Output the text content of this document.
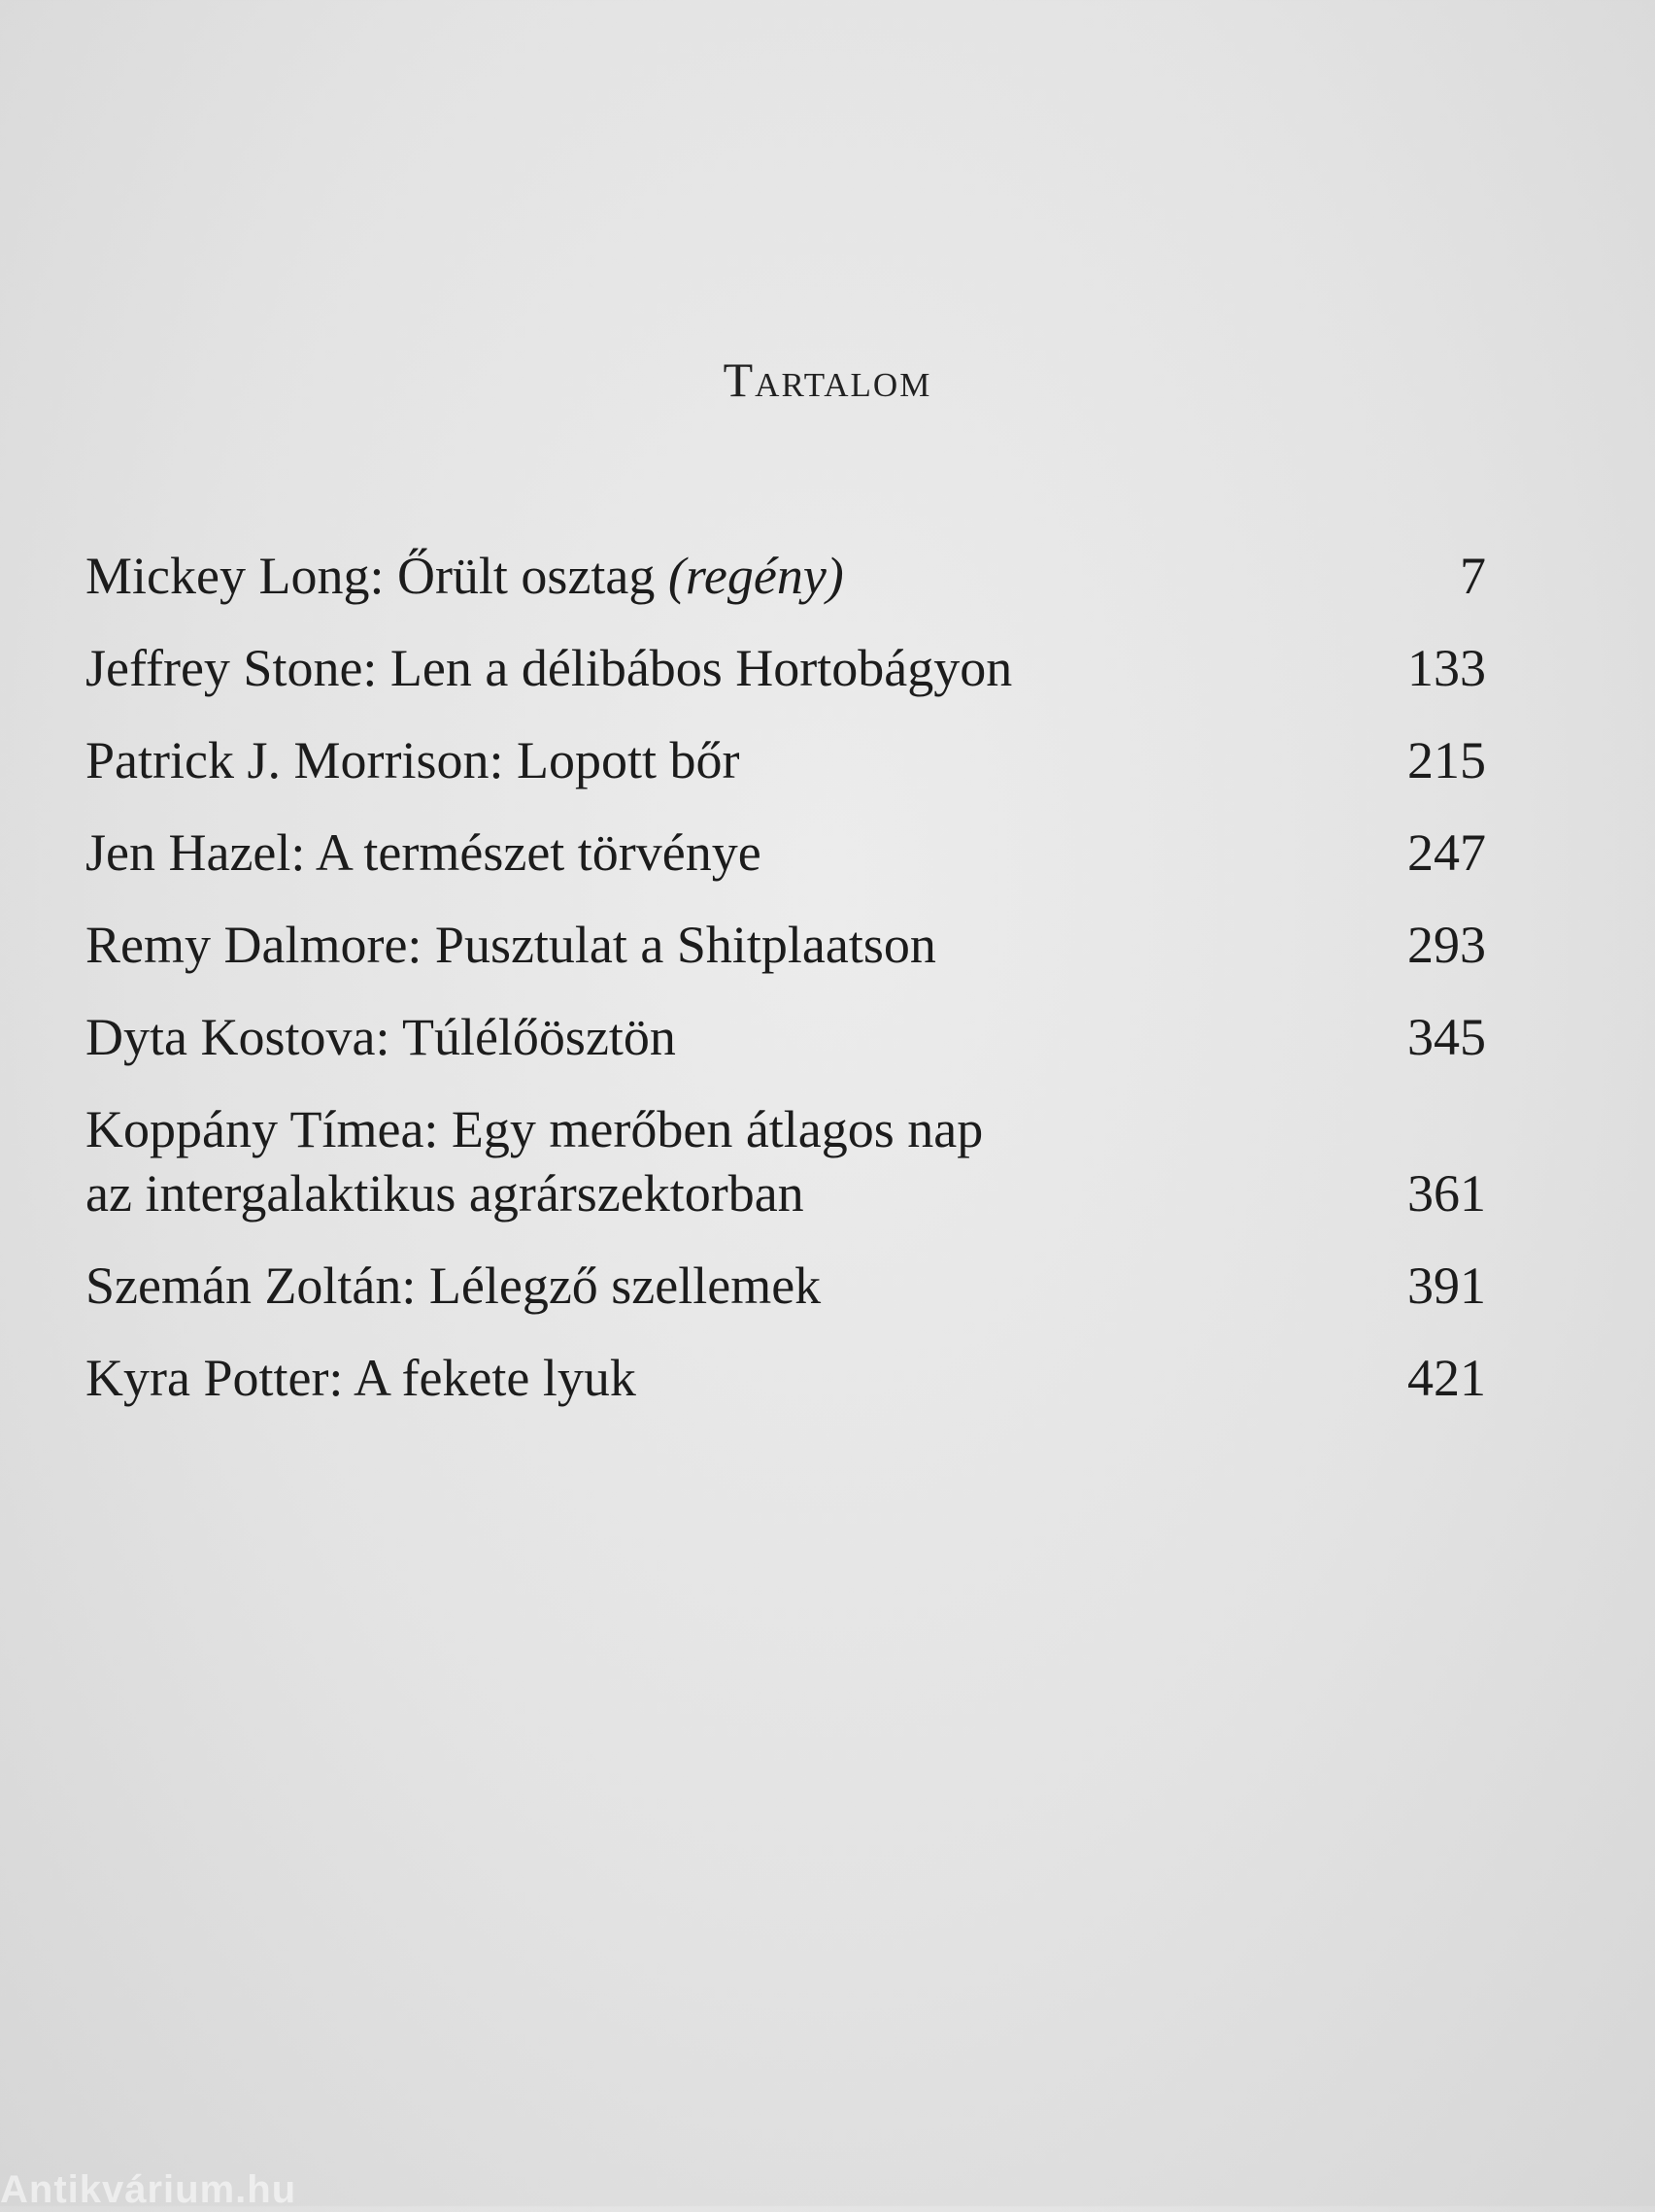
Tartalom
Mickey Long: Őrült osztag (regény)	7
Jeffrey Stone: Len a délibábos Hortobágyon	133
Patrick J. Morrison: Lopott bőr	215
Jen Hazel: A természet törvénye	247
Remy Dalmore: Pusztulat a Shitplaatson	293
Dyta Kostova: Túlélőösztön	345
Koppány Tímea: Egy merőben átlagos nap
az intergalaktikus agrárszektorban	361
Szemán Zoltán: Lélegző szellemek	391
Kyra Potter: A fekete lyuk	421
Antikvárium.hu
